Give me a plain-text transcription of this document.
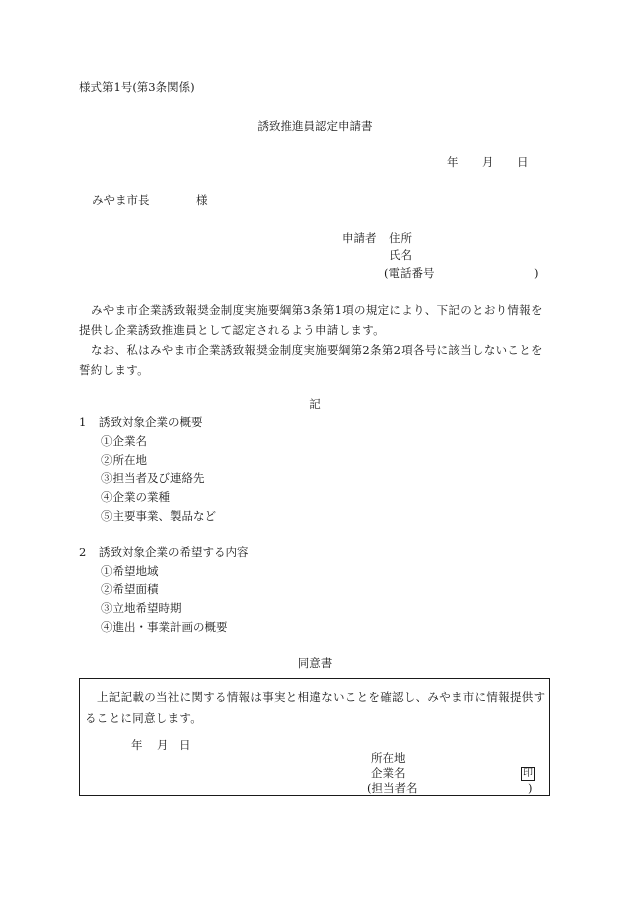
様式第1号(第3条関係)
誘致推進員認定申請書
年 月 日
みやま市長	様
申請者 住所
氏名
(電話番号	)
みやま市企業誘致報奨金制度実施要綱第3条第1項の規定により、下記のとおり情報を提供し企業誘致推進員として認定されるよう申請します。
なお、私はみやま市企業誘致報奨金制度実施要綱第2条第2項各号に該当しないことを誓約します。
記
1 誘致対象企業の概要
①企業名
②所在地
③担当者及び連絡先
④企業の業種
⑤主要事業、製品など
2 誘致対象企業の希望する内容
①希望地域
②希望面積
③立地希望時期
④進出・事業計画の概要
同意書
上記記載の当社に関する情報は事実と相違ないことを確認し、みやま市に情報提供することに同意します。
年 月 日
所在地
企業名	印
(担当者名	)
